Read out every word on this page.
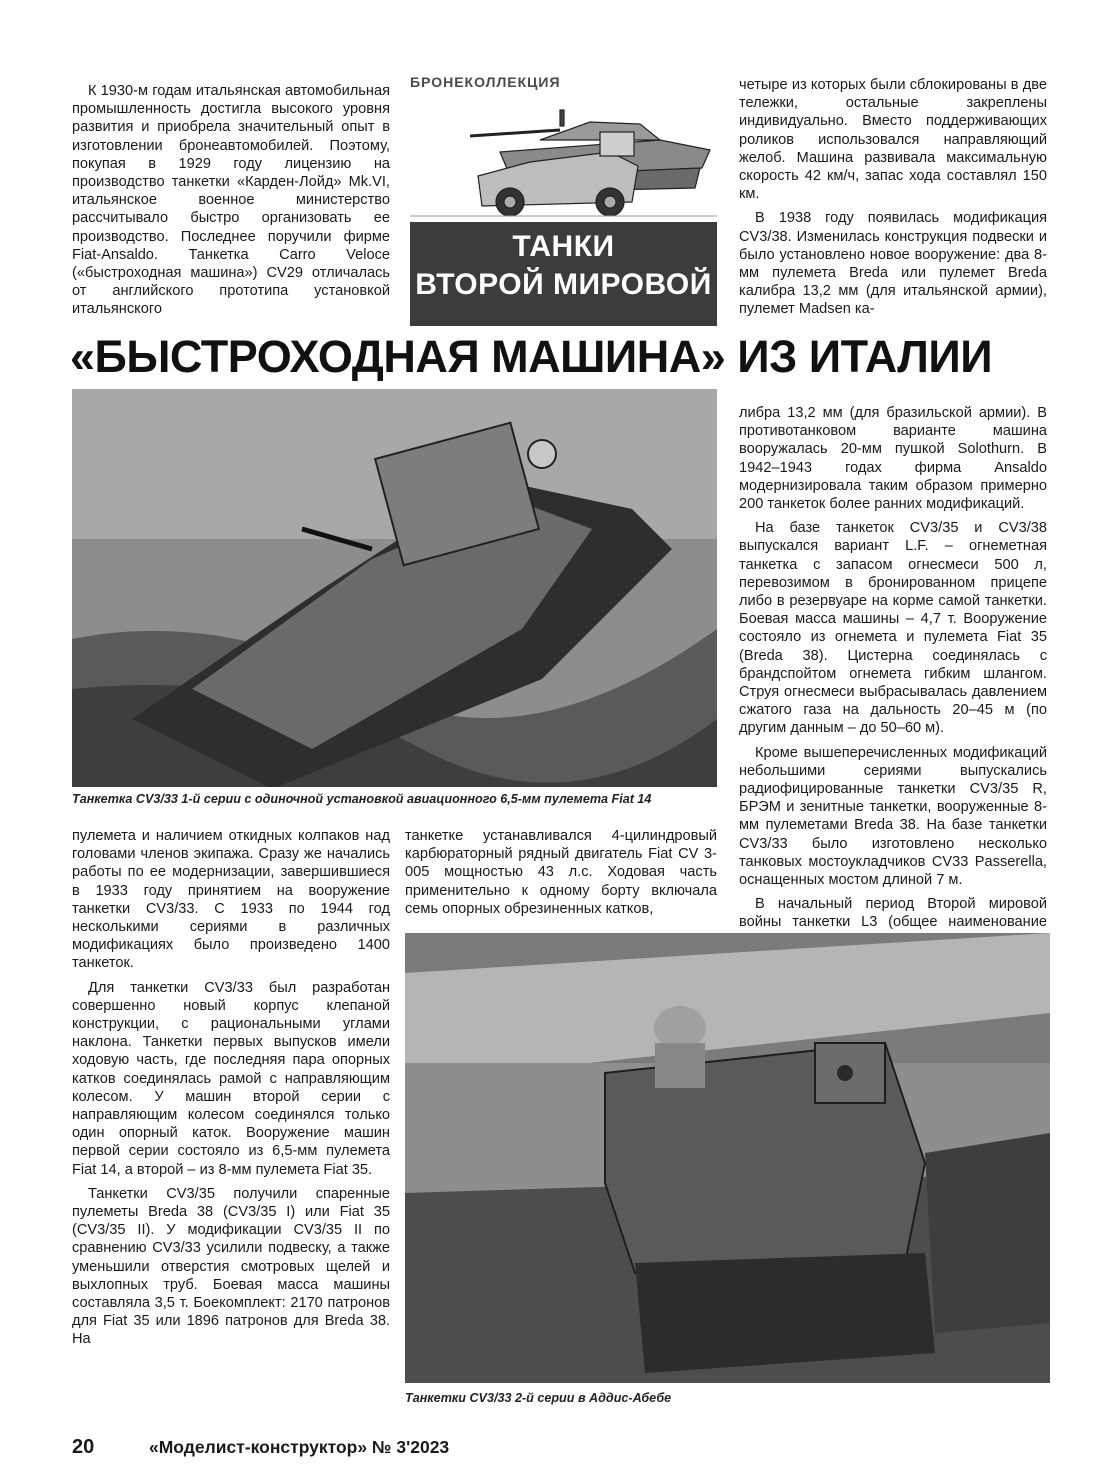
К 1930-м годам итальянская автомобильная промышленность достигла высокого уровня развития и приобрела значительный опыт в изготовлении бронеавтомобилей. Поэтому, покупая в 1929 году лицензию на производство танкетки «Карден-Лойд» Mk.VI, итальянское военное министерство рассчитывало быстро организовать ее производство. Последнее поручили фирме Fiat-Ansaldo. Танкетка Carro Veloce («быстроходная машина») CV29 отличалась от английского прототипа установкой итальянского

БРОНЕКОЛЛЕКЦИЯ
ТАНКИ
ВТОРОЙ МИРОВОЙ

четыре из которых были сблокированы в две тележки, остальные закреплены индивидуально. Вместо поддерживающих роликов использовался направляющий желоб. Машина развивала максимальную скорость 42 км/ч, запас хода составлял 150 км.

В 1938 году появилась модификация CV3/38. Изменилась конструкция подвески и было установлено новое вооружение: два 8-мм пулемета Breda или пулемет Breda калибра 13,2 мм (для итальянской армии), пулемет Madsen ка-

«БЫСТРОХОДНАЯ МАШИНА» ИЗ ИТАЛИИ
Танкетка CV3/33 1-й серии с одиночной установкой авиационного 6,5-мм пулемета Fiat 14

либра 13,2 мм (для бразильской армии). В противотанковом варианте машина вооружалась 20-мм пушкой Solothurn. В 1942–1943 годах фирма Ansaldo модернизировала таким образом примерно 200 танкеток более ранних модификаций.

На базе танкеток CV3/35 и CV3/38 выпускался вариант L.F. – огнеметная танкетка с запасом огнесмеси 500 л, перевозимом в бронированном прицепе либо в резервуаре на корме самой танкетки. Боевая масса машины – 4,7 т. Вооружение состояло из огнемета и пулемета Fiat 35 (Breda 38). Цистерна соединялась с брандспойтом огнемета гибким шлангом. Струя огнесмеси выбрасывалась давлением сжатого газа на дальность 20–45 м (по другим данным – до 50–60 м).

Кроме вышеперечисленных модификаций небольшими сериями выпускались радиофицированные танкетки CV3/35 R, БРЭМ и зенитные танкетки, вооруженные 8-мм пулеметами Breda 38. На базе танкетки CV3/33 было изготовлено несколько танковых мостоукладчиков CV33 Passerella, оснащенных мостом длиной 7 м.

В начальный период Второй мировой войны танкетки L3 (общее наименование

пулемета и наличием откидных колпаков над головами членов экипажа. Сразу же начались работы по ее модернизации, завершившиеся в 1933 году принятием на вооружение танкетки CV3/33. С 1933 по 1944 год несколькими сериями в различных модификациях было произведено 1400 танкеток.

Для танкетки CV3/33 был разработан совершенно новый корпус клепаной конструкции, с рациональными углами наклона. Танкетки первых выпусков имели ходовую часть, где последняя пара опорных катков соединялась рамой с направляющим колесом. У машин второй серии с направляющим колесом соединялся только один опорный каток. Вооружение машин первой серии состояло из 6,5-мм пулемета Fiat 14, а второй – из 8-мм пулемета Fiat 35.

Танкетки CV3/35 получили спаренные пулеметы Breda 38 (CV3/35 I) или Fiat 35 (CV3/35 II). У модификации CV3/35 II по сравнению CV3/33 усилили подвеску, а также уменьшили отверстия смотровых щелей и выхлопных труб. Боевая масса машины составляла 3,5 т. Боекомплект: 2170 патронов для Fiat 35 или 1896 патронов для Breda 38. На

танкетке устанавливался 4-цилиндровый карбюраторный рядный двигатель Fiat CV 3-005 мощностью 43 л.с. Ходовая часть применительно к одному борту включала семь опорных обрезиненных катков,

Танкетки CV3/33 2-й серии в Аддис-Абебе
20	«Моделист-конструктор» № 3'2023
